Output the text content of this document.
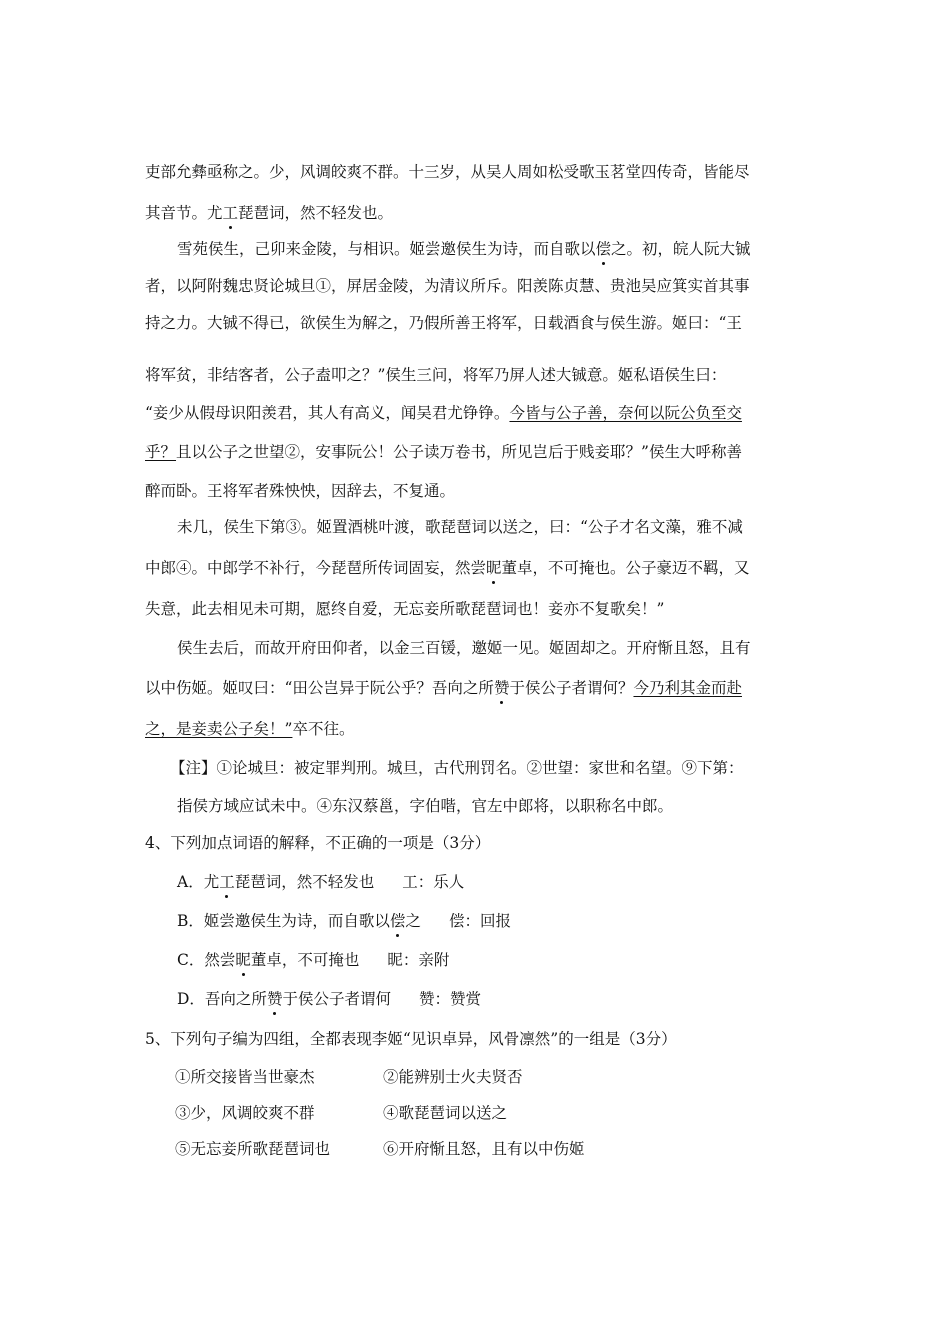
吏部允彝亟称之。少，风调皎爽不群。十三岁，从吴人周如松受歌玉茗堂四传奇，皆能尽
其音节。尤工琵琶词，然不轻发也。
雪苑侯生，己卯来金陵，与相识。姬尝邀侯生为诗，而自歌以偿之。初，皖人阮大铖
者，以阿附魏忠贤论城旦①，屏居金陵，为清议所斥。阳羡陈贞慧、贵池吴应箕实首其事
持之力。大铖不得已，欲侯生为解之，乃假所善王将军，日载酒食与侯生游。姬曰：“王
将军贫，非结客者，公子盍叩之？”侯生三问，将军乃屏人述大铖意。姬私语侯生曰：
“妾少从假母识阳羡君，其人有高义，闻吴君尤铮铮。今皆与公子善，奈何以阮公负至交
乎？且以公子之世望②，安事阮公！公子读万卷书，所见岂后于贱妾耶？”侯生大呼称善
醉而卧。王将军者殊怏怏，因辞去，不复通。
未几，侯生下第③。姬置酒桃叶渡，歌琵琶词以送之，曰：“公子才名文藻，雅不减
中郎④。中郎学不补行，今琵琶所传词固妄，然尝昵董卓，不可掩也。公子豪迈不羁，又
失意，此去相见未可期，愿终自爱，无忘妾所歌琵琶词也！妾亦不复歌矣！”
侯生去后，而故开府田仰者，以金三百锾，邀姬一见。姬固却之。开府惭且怒，且有
以中伤姬。姬叹曰：“田公岂异于阮公乎？吾向之所赞于侯公子者谓何？今乃利其金而赴
之，是妾卖公子矣！”卒不往。
【注】①论城旦：被定罪判刑。城旦，古代刑罚名。②世望：家世和名望。⑨下第：
指侯方域应试未中。④东汉蔡邕，字伯喈，官左中郎将，以职称名中郎。
4、下列加点词语的解释，不正确的一项是（3分）
A．尤工琵琶词，然不轻发也 工：乐人
B．姬尝邀侯生为诗，而自歌以偿之 偿：回报
C．然尝昵董卓，不可掩也 昵：亲附
D．吾向之所赞于侯公子者谓何 赞：赞赏
5、下列句子编为四组，全都表现李姬“见识卓异，风骨凛然”的一组是（3分）
①所交接皆当世豪杰	②能辨别士火夫贤否
③少，风调皎爽不群	④歌琵琶词以送之
⑤无忘妾所歌琵琶词也	⑥开府惭且怒，且有以中伤姬
